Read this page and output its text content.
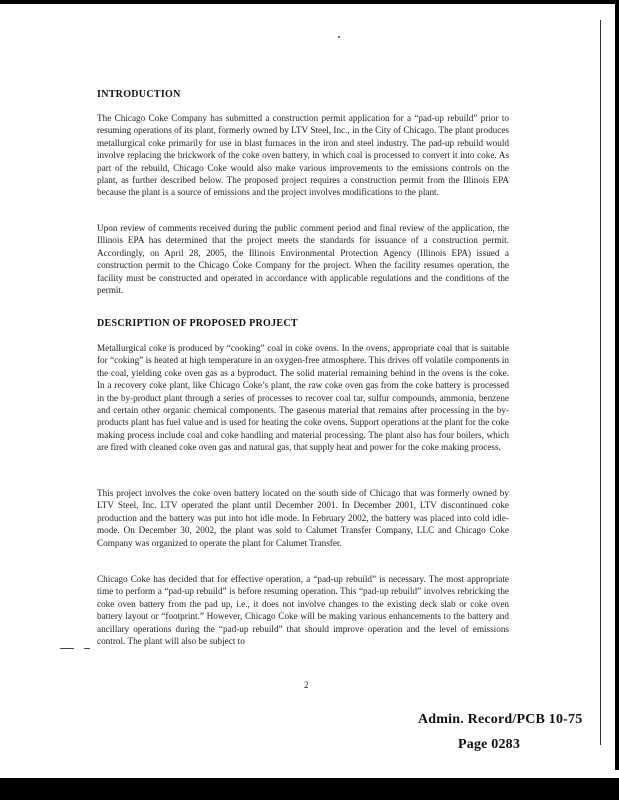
INTRODUCTION
The Chicago Coke Company has submitted a construction permit application for a “pad-up rebuild” prior to resuming operations of its plant, formerly owned by LTV Steel, Inc., in the City of Chicago. The plant produces metallurgical coke primarily for use in blast furnaces in the iron and steel industry. The pad-up rebuild would involve replacing the brickwork of the coke oven battery, in which coal is processed to convert it into coke. As part of the rebuild, Chicago Coke would also make various improvements to the emissions controls on the plant, as further described below. The proposed project requires a construction permit from the Illinois EPA because the plant is a source of emissions and the project involves modifications to the plant.
Upon review of comments received during the public comment period and final review of the application, the Illinois EPA has determined that the project meets the standards for issuance of a construction permit. Accordingly, on April 28, 2005, the Illinois Environmental Protection Agency (Illinois EPA) issued a construction permit to the Chicago Coke Company for the project. When the facility resumes operation, the facility must be constructed and operated in accordance with applicable regulations and the conditions of the permit.
DESCRIPTION OF PROPOSED PROJECT
Metallurgical coke is produced by “cooking” coal in coke ovens. In the ovens, appropriate coal that is suitable for “coking” is heated at high temperature in an oxygen-free atmosphere. This drives off volatile components in the coal, yielding coke oven gas as a byproduct. The solid material remaining behind in the ovens is the coke. In a recovery coke plant, like Chicago Coke’s plant, the raw coke oven gas from the coke battery is processed in the by-product plant through a series of processes to recover coal tar, sulfur compounds, ammonia, benzene and certain other organic chemical components. The gaseous material that remains after processing in the by-products plant has fuel value and is used for heating the coke ovens. Support operations at the plant for the coke making process include coal and coke handling and material processing. The plant also has four boilers, which are fired with cleaned coke oven gas and natural gas, that supply heat and power for the coke making process.
This project involves the coke oven battery located on the south side of Chicago that was formerly owned by LTV Steel, Inc. LTV operated the plant until December 2001. In December 2001, LTV discontinued coke production and the battery was put into hot idle mode. In February 2002, the battery was placed into cold idle-mode. On December 30, 2002, the plant was sold to Calumet Transfer Company, LLC and Chicago Coke Company was organized to operate the plant for Calumet Transfer.
Chicago Coke has decided that for effective operation, a “pad-up rebuild” is necessary. The most appropriate time to perform a “pad-up rebuild” is before resuming operation. This “pad-up rebuild” involves rebricking the coke oven battery from the pad up, i.e., it does not involve changes to the existing deck slab or coke oven battery layout or “footprint.” However, Chicago Coke will be making various enhancements to the battery and ancillary operations during the “pad-up rebuild” that should improve operation and the level of emissions control. The plant will also be subject to
2
Admin. Record/PCB 10-75
Page 0283
